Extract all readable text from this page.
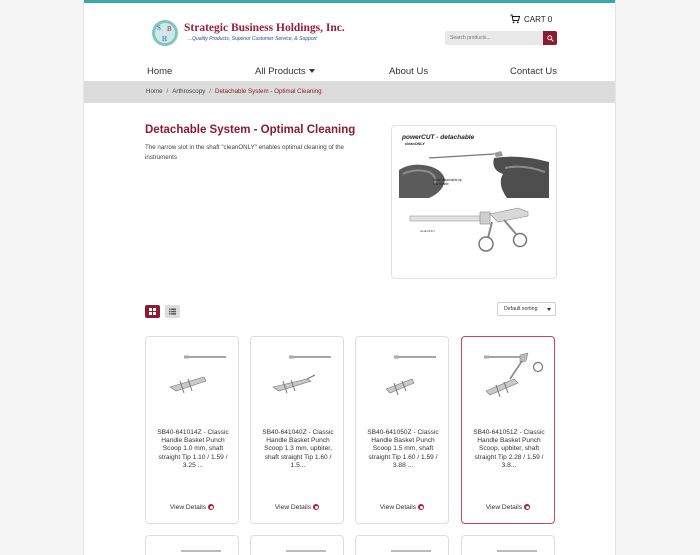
S B
H
Strategic Business Holdings, Inc.
...Quality Products, Superior Customer Service, & Support
CART 0
Search products...
Home	All Products	About Us	Contact Us
Home / Arthroscopy / Detachable System - Optimal Cleaning
Detachable System - Optimal Cleaning
The narrow slot in the shaft "cleanONLY" enables optimal cleaning of the instruments
powerCUT - detachable
cleanONLY
Insert detachable tip and handle
cleanONLY
Default sorting
SB40-641014Z - Classic Handle Basket Punch Scoop 1.0 mm, shaft straight Tip 1.10 / 1.59 / 3.25 ...
View Details
SB40-641040Z - Classic Handle Basket Punch Scoop 1.3 mm, upbiter, shaft straight Tip 1.60 / 1.5...
View Details
SB40-641050Z - Classic Handle Basket Punch Scoop 1.5 mm, shaft straight Tip 1.60 / 1.59 / 3.88 ...
View Details
SB40-641051Z - Classic Handle Basket Punch Scoop, upbiter, shaft straight Tip 2.28 / 1.59 / 3.8...
View Details
